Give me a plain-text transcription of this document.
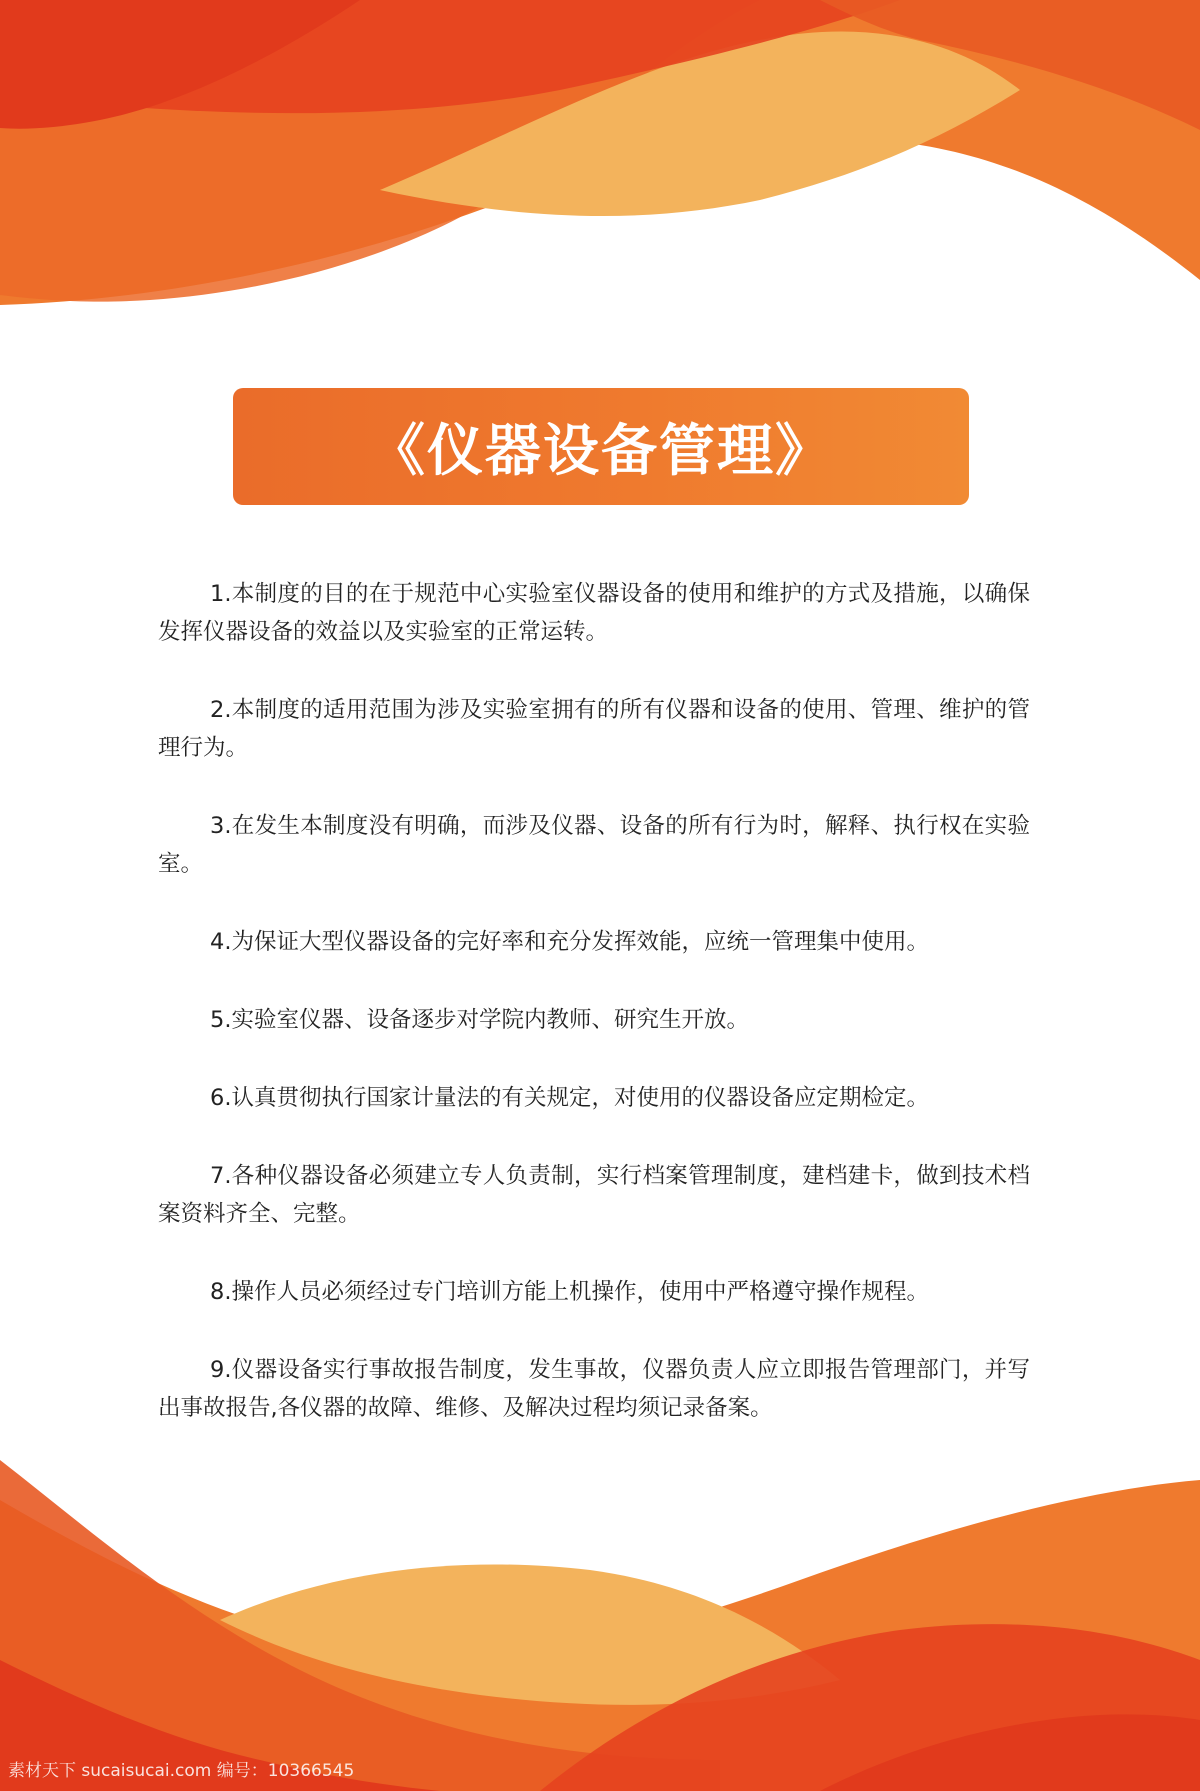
《仪器设备管理》

1.本制度的目的在于规范中心实验室仪器设备的使用和维护的方式及措施，以确保发挥仪器设备的效益以及实验室的正常运转。

2.本制度的适用范围为涉及实验室拥有的所有仪器和设备的使用、管理、维护的管理行为。

3.在发生本制度没有明确，而涉及仪器、设备的所有行为时，解释、执行权在实验室。

4.为保证大型仪器设备的完好率和充分发挥效能，应统一管理集中使用。

5.实验室仪器、设备逐步对学院内教师、研究生开放。

6.认真贯彻执行国家计量法的有关规定，对使用的仪器设备应定期检定。

7.各种仪器设备必须建立专人负责制，实行档案管理制度，建档建卡，做到技术档案资料齐全、完整。

8.操作人员必须经过专门培训方能上机操作，使用中严格遵守操作规程。

9.仪器设备实行事故报告制度，发生事故，仪器负责人应立即报告管理部门，并写出事故报告,各仪器的故障、维修、及解决过程均须记录备案。

素材天下 sucaisucai.com 编号：10366545
